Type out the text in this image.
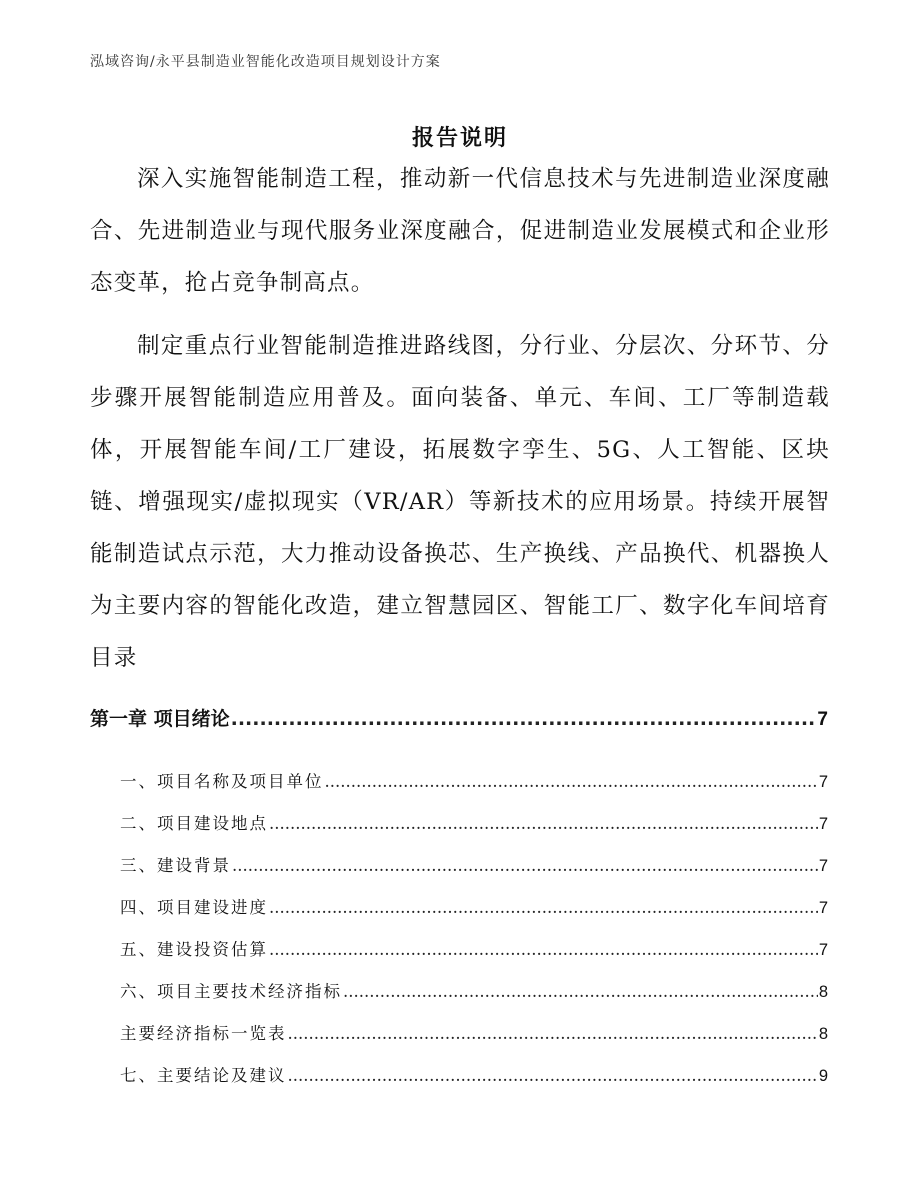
泓域咨询/永平县制造业智能化改造项目规划设计方案
报告说明
深入实施智能制造工程，推动新一代信息技术与先进制造业深度融合、先进制造业与现代服务业深度融合，促进制造业发展模式和企业形态变革，抢占竞争制高点。
制定重点行业智能制造推进路线图，分行业、分层次、分环节、分步骤开展智能制造应用普及。面向装备、单元、车间、工厂等制造载体，开展智能车间/工厂建设，拓展数字孪生、5G、人工智能、区块链、增强现实/虚拟现实（VR/AR）等新技术的应用场景。持续开展智能制造试点示范，大力推动设备换芯、生产换线、产品换代、机器换人为主要内容的智能化改造，建立智慧园区、智能工厂、数字化车间培育目录
第一章 项目绪论 .....	7
一、项目名称及项目单位 .....	7
二、项目建设地点 .....	7
三、建设背景 .....	7
四、项目建设进度 .....	7
五、建设投资估算 .....	7
六、项目主要技术经济指标 .....	8
主要经济指标一览表 .....	8
七、主要结论及建议 .....	9
